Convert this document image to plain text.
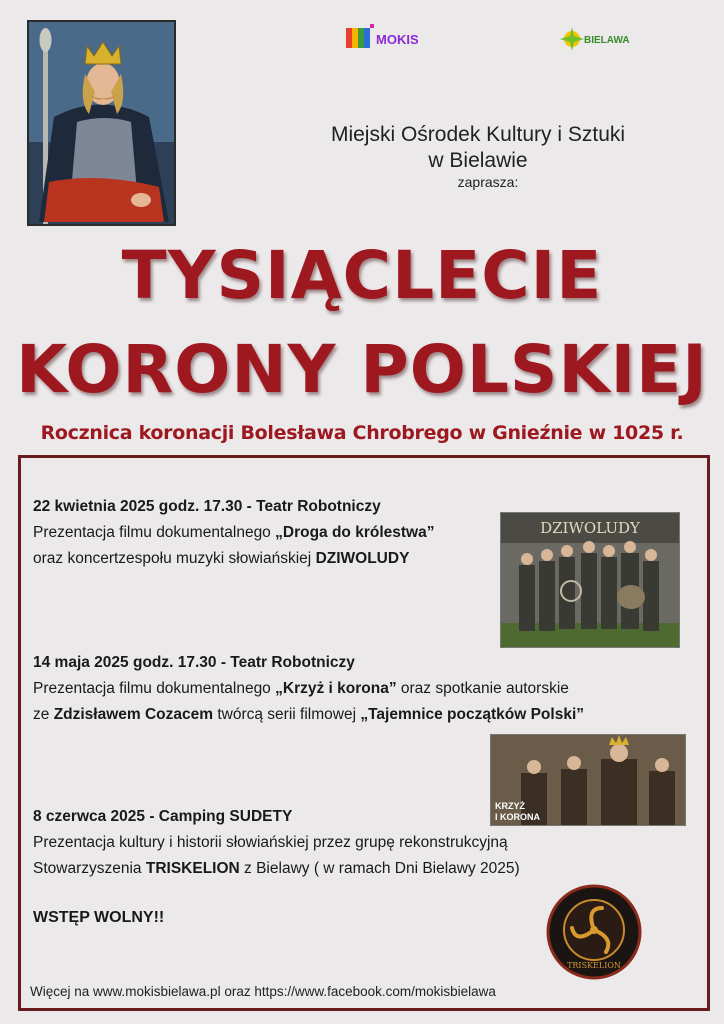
MOKIS	BIELAWA
Miejski Ośrodek Kultury i Sztuki
w Bielawie
zaprasza:
TYSIĄCLECIE
KORONY POLSKIEJ
Rocznica koronacji Bolesława Chrobrego w Gnieźnie w 1025 r.
22 kwietnia 2025 godz. 17.30 - Teatr Robotniczy
Prezentacja filmu dokumentalnego „Droga do królestwa”
oraz koncertzespołu muzyki słowiańskiej DZIWOLUDY
DZIWOLUDY
14 maja 2025 godz. 17.30 - Teatr Robotniczy
Prezentacja filmu dokumentalnego „Krzyż i korona” oraz spotkanie autorskie
ze Zdzisławem Cozacem twórcą serii filmowej „Tajemnice początków Polski”
KRZYŻ
I KORONA
8 czerwca 2025 - Camping SUDETY
Prezentacja kultury i historii słowiańskiej przez grupę rekonstrukcyjną
Stowarzyszenia TRISKELION z Bielawy ( w ramach Dni Bielawy 2025)
WSTĘP WOLNY!!
TRISKELION
Więcej na www.mokisbielawa.pl oraz https://www.facebook.com/mokisbielawa
